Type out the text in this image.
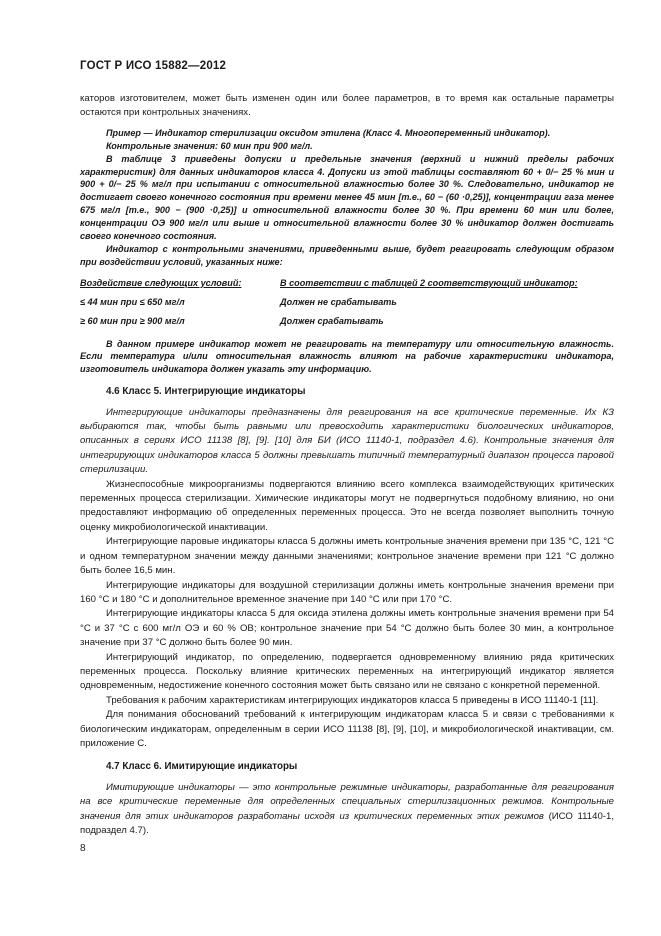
ГОСТ Р ИСО 15882—2012

каторов изготовителем, может быть изменен один или более параметров, в то время как остальные параметры остаются при контрольных значениях.

Пример — Индикатор стерилизации оксидом этилена (Класс 4. Многопеременный индикатор).

Контрольные значения: 60 мин при 900 мг/л.

В таблице 3 приведены допуски и предельные значения (верхний и нижний пределы рабочих характеристик) для данных индикаторов класса 4. Допуски из этой таблицы составляют 60 + 0/− 25 % мин и 900 + 0/− 25 % мг/л при испытании с относительной влажностью более 30 %. Следовательно, индикатор не достигает своего конечного состояния при времени менее 45 мин [т.е., 60 − (60 ·0,25)], концентрации газа менее 675 мг/л [т.е., 900 − (900 ·0,25)] и относительной влажности более 30 %. При времени 60 мин или более, концентрации ОЭ 900 мг/л или выше и относительной влажности более 30 % индикатор должен достигать своего конечного состояния.

Индикатор с контрольными значениями, приведенными выше, будет реагировать следующим образом при воздействии условий, указанных ниже:

Воздействие следующих условий:	В соответствии с таблицей 2 соответствующий индикатор:
≤ 44 мин при ≤ 650 мг/л	Должен не срабатывать
≥ 60 мин при ≥ 900 мг/л	Должен срабатывать

В данном примере индикатор может не реагировать на температуру или относительную влажность. Если температура и/или относительная влажность влияют на рабочие характеристики индикатора, изготовитель индикатора должен указать эту информацию.

4.6 Класс 5. Интегрирующие индикаторы

Интегрирующие индикаторы предназначены для реагирования на все критические переменные. Их КЗ выбираются так, чтобы быть равными или превосходить характеристики биологических индикаторов, описанных в сериях ИСО 11138 [8], [9]. [10] для БИ (ИСО 11140-1, подраздел 4.6). Контрольные значения для интегрирующих индикаторов класса 5 должны превышать типичный температурный диапазон процесса паровой стерилизации.

Жизнеспособные микроорганизмы подвергаются влиянию всего комплекса взаимодействующих критических переменных процесса стерилизации. Химические индикаторы могут не подвергнуться подобному влиянию, но они предоставляют информацию об определенных переменных процесса. Это не всегда позволяет выполнить точную оценку микробиологической инактивации.

Интегрирующие паровые индикаторы класса 5 должны иметь контрольные значения времени при 135 °С, 121 °С и одном температурном значении между данными значениями; контрольное значение времени при 121 °С должно быть более 16,5 мин.

Интегрирующие индикаторы для воздушной стерилизации должны иметь контрольные значения времени при 160 °С и 180 °С и дополнительное временное значение при 140 °С или при 170 °С.

Интегрирующие индикаторы класса 5 для оксида этилена должны иметь контрольные значения времени при 54 °С и 37 °С с 600 мг/л ОЭ и 60 % ОВ; контрольное значение при 54 °С должно быть более 30 мин, а контрольное значение при 37 °С должно быть более 90 мин.

Интегрирующий индикатор, по определению, подвергается одновременному влиянию ряда критических переменных процесса. Поскольку влияние критических переменных на интегрирующий индикатор является одновременным, недостижение конечного состояния может быть связано или не связано с конкретной переменной.

Требования к рабочим характеристикам интегрирующих индикаторов класса 5 приведены в ИСО 11140-1 [11].

Для понимания обоснований требований к интегрирующим индикаторам класса 5 и связи с требованиями к биологическим индикаторам, определенным в серии ИСО 11138 [8], [9], [10], и микробиологической инактивации, см. приложение С.

4.7 Класс 6. Имитирующие индикаторы

Имитирующие индикаторы — это контрольные режимные индикаторы, разработанные для реагирования на все критические переменные для определенных специальных стерилизационных режимов. Контрольные значения для этих индикаторов разработаны исходя из критических переменных этих режимов (ИСО 11140-1, подраздел 4.7).

8
